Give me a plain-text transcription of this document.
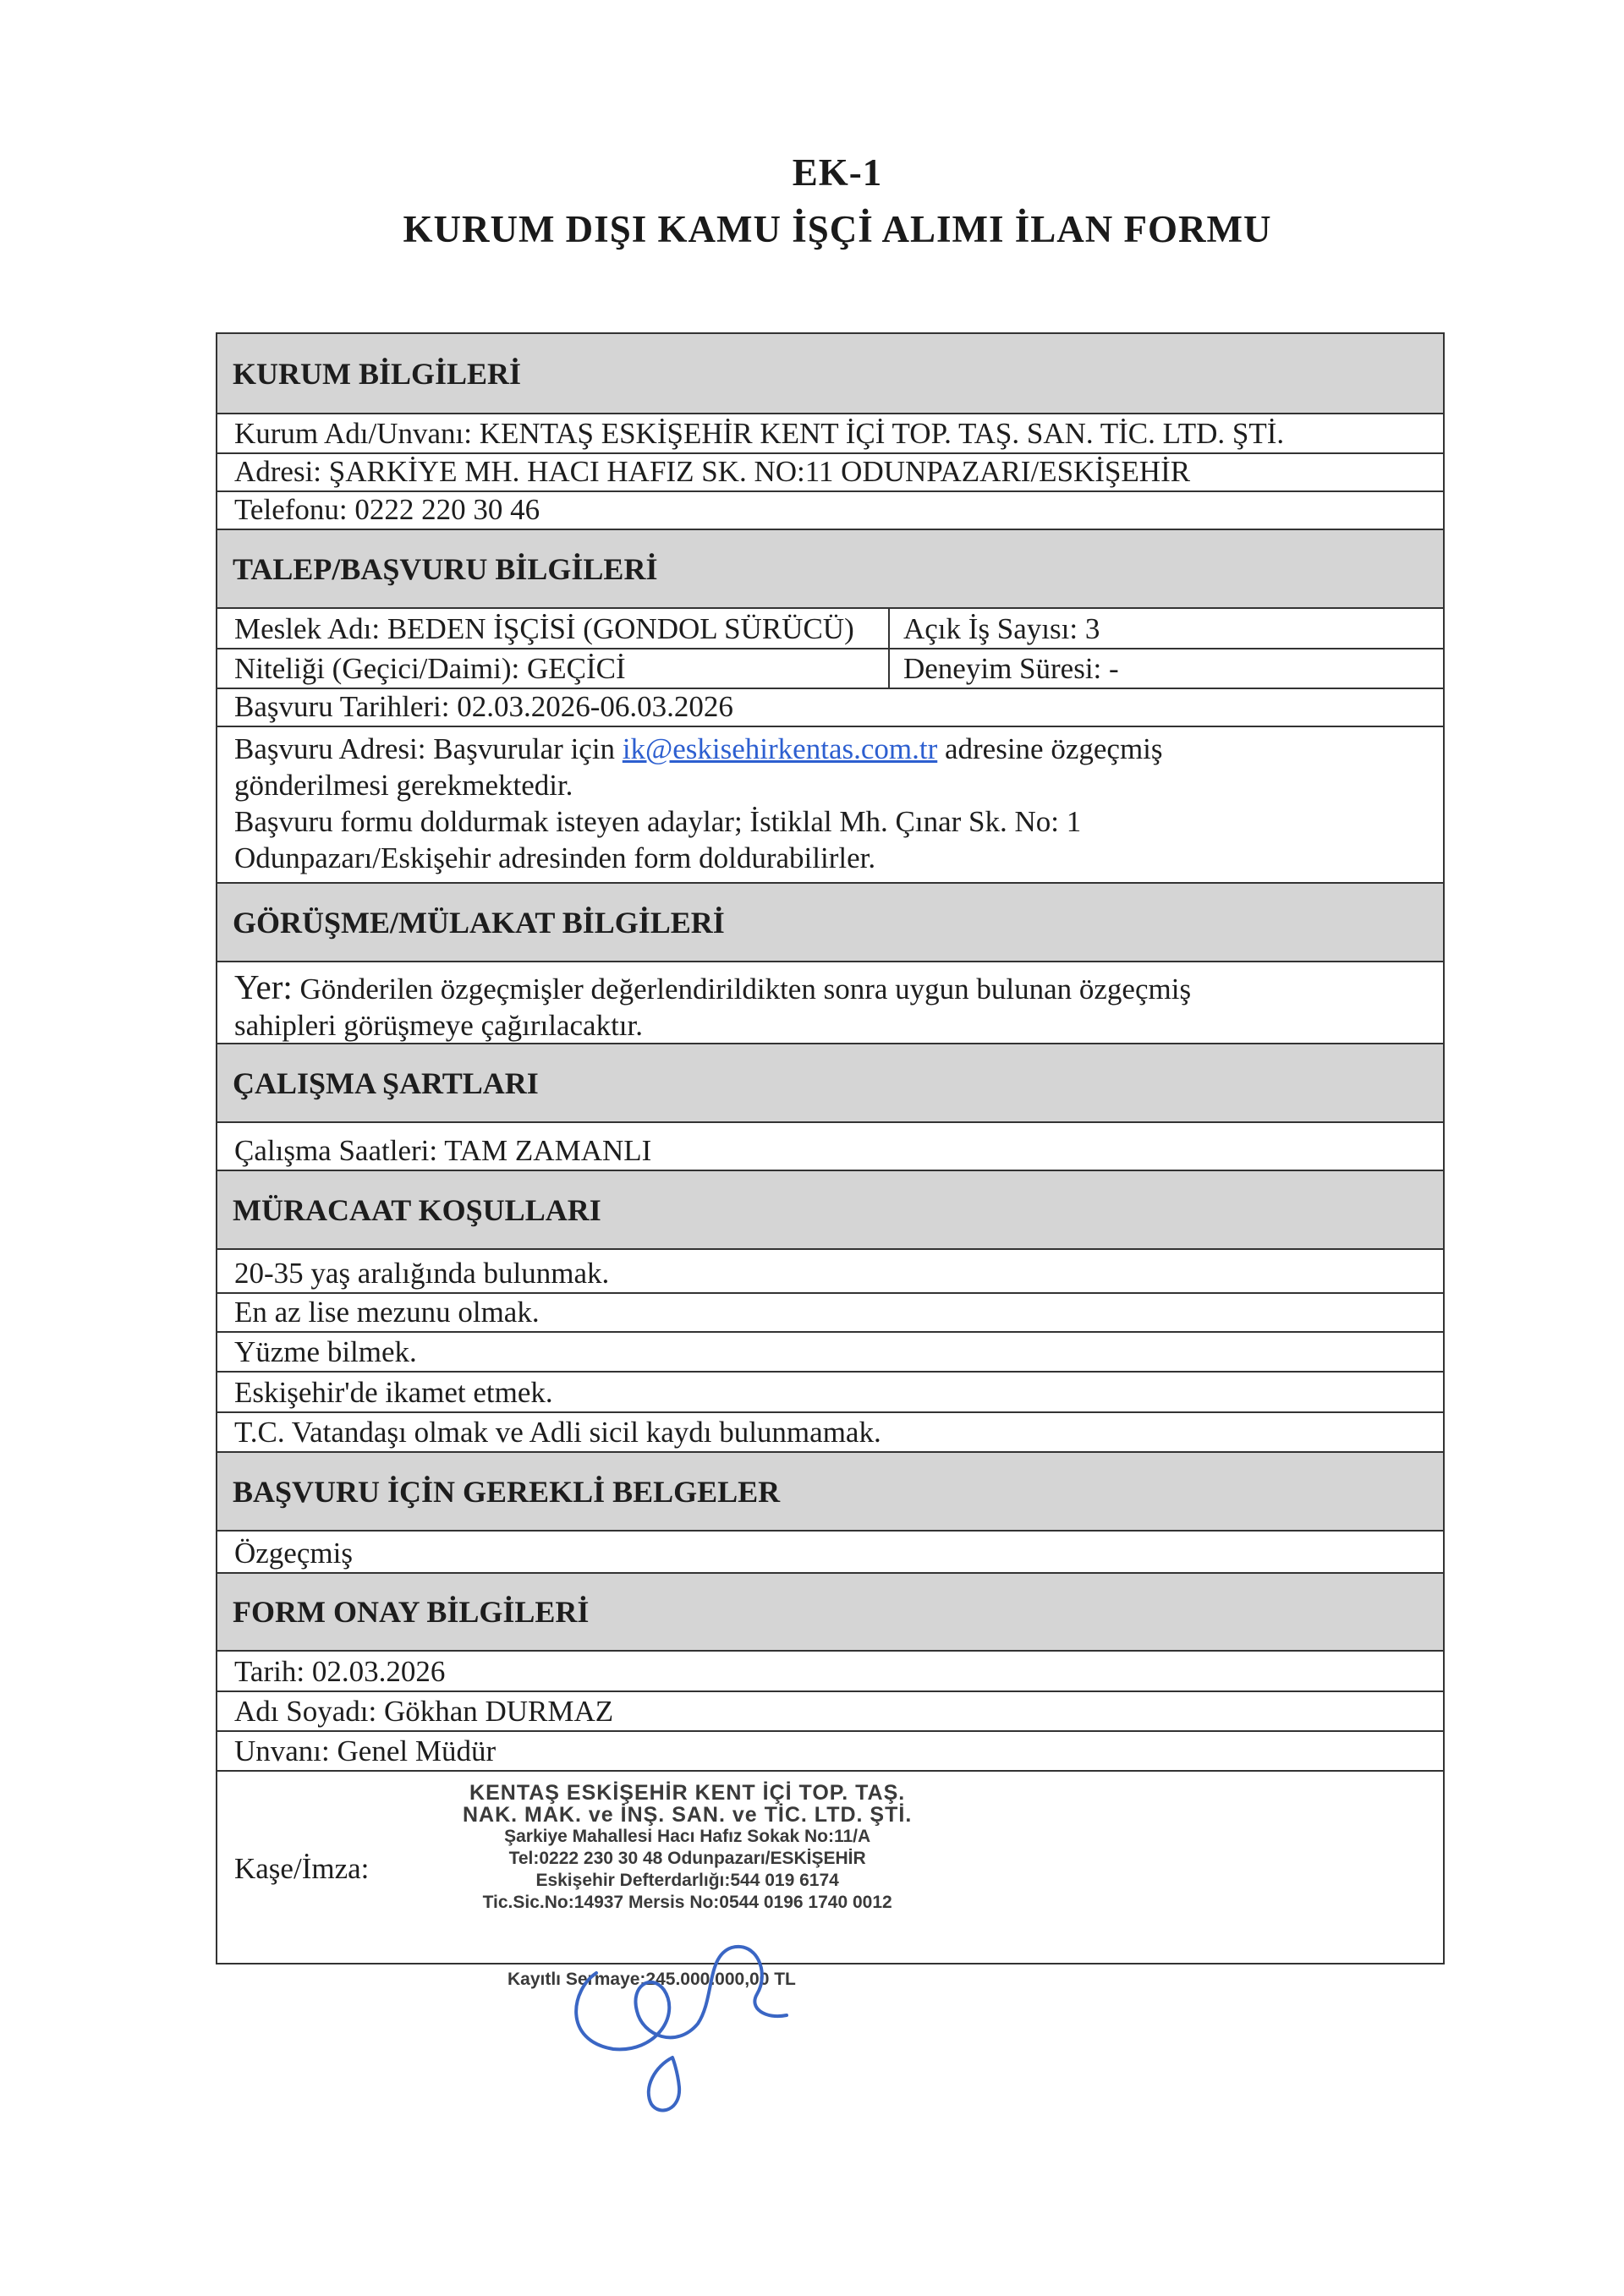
EK-1
KURUM DIŞI KAMU İŞÇİ ALIMI İLAN FORMU
KURUM BİLGİLERİ
Kurum Adı/Unvanı: KENTAŞ ESKİŞEHİR KENT İÇİ TOP. TAŞ. SAN. TİC. LTD. ŞTİ.
Adresi: ŞARKİYE MH. HACI HAFIZ SK. NO:11 ODUNPAZARI/ESKİŞEHİR
Telefonu: 0222 220 30 46
TALEP/BAŞVURU BİLGİLERİ
Meslek Adı: BEDEN İŞÇİSİ (GONDOL SÜRÜCÜ)	Açık İş Sayısı: 3
Niteliği (Geçici/Daimi): GEÇİCİ	Deneyim Süresi: -
Başvuru Tarihleri: 02.03.2026-06.03.2026
Başvuru Adresi: Başvurular için ik@eskisehirkentas.com.tr adresine özgeçmiş
gönderilmesi gerekmektedir.
Başvuru formu doldurmak isteyen adaylar; İstiklal Mh. Çınar Sk. No: 1
Odunpazarı/Eskişehir adresinden form doldurabilirler.
GÖRÜŞME/MÜLAKAT BİLGİLERİ
Yer: Gönderilen özgeçmişler değerlendirildikten sonra uygun bulunan özgeçmiş
sahipleri görüşmeye çağırılacaktır.
ÇALIŞMA ŞARTLARI
Çalışma Saatleri: TAM ZAMANLI
MÜRACAAT KOŞULLARI
20-35 yaş aralığında bulunmak.
En az lise mezunu olmak.
Yüzme bilmek.
Eskişehir'de ikamet etmek.
T.C. Vatandaşı olmak ve Adli sicil kaydı bulunmamak.
BAŞVURU İÇİN GEREKLİ BELGELER
Özgeçmiş
FORM ONAY BİLGİLERİ
Tarih: 02.03.2026
Adı Soyadı: Gökhan DURMAZ
Unvanı: Genel Müdür
Kaşe/İmza:
KENTAŞ ESKİŞEHİR KENT İÇİ TOP. TAŞ.
NAK. MAK. ve İNŞ. SAN. ve TİC. LTD. ŞTİ.
Şarkiye Mahallesi Hacı Hafız Sokak No:11/A
Tel:0222 230 30 48 Odunpazarı/ESKİŞEHİR
Eskişehir Defterdarlığı:544 019 6174
Tic.Sic.No:14937 Mersis No:0544 0196 1740 0012
Kayıtlı Sermaye:245.000.000,00 TL
